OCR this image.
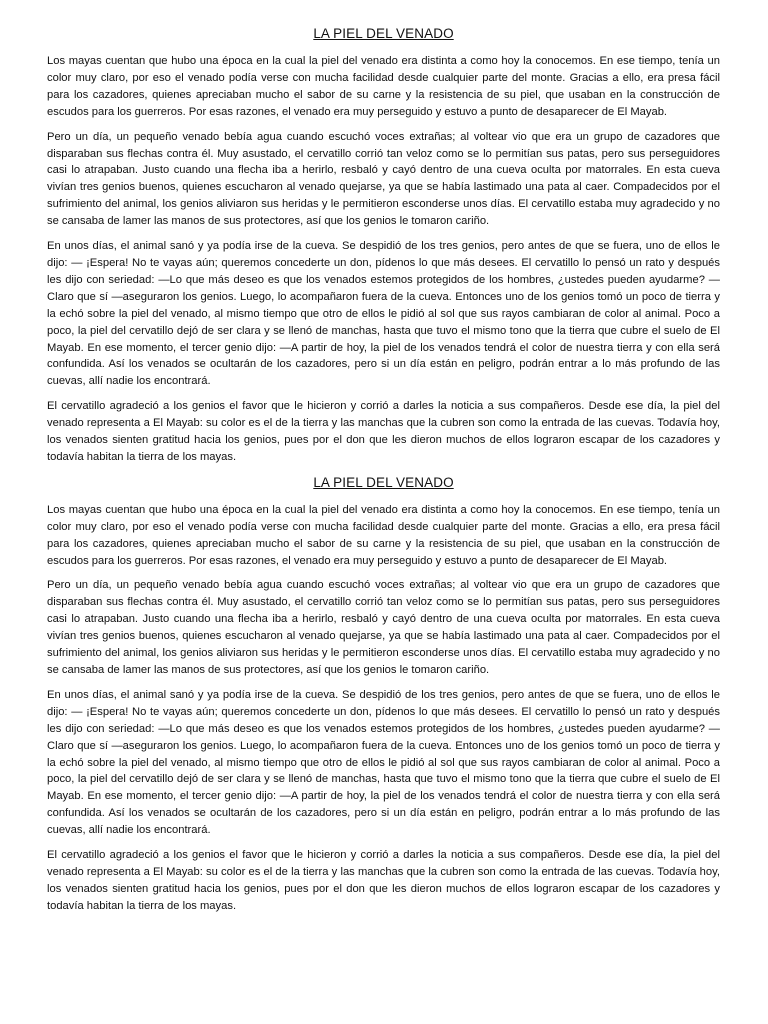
LA PIEL DEL VENADO

Los mayas cuentan que hubo una época en la cual la piel del venado era distinta a como hoy la conocemos. En ese tiempo, tenía un color muy claro, por eso el venado podía verse con mucha facilidad desde cualquier parte del monte. Gracias a ello, era presa fácil para los cazadores, quienes apreciaban mucho el sabor de su carne y la resistencia de su piel, que usaban en la construcción de escudos para los guerreros. Por esas razones, el venado era muy perseguido y estuvo a punto de desaparecer de El Mayab.

Pero un día, un pequeño venado bebía agua cuando escuchó voces extrañas; al voltear vio que era un grupo de cazadores que disparaban sus flechas contra él. Muy asustado, el cervatillo corrió tan veloz como se lo permitían sus patas, pero sus perseguidores casi lo atrapaban. Justo cuando una flecha iba a herirlo, resbaló y cayó dentro de una cueva oculta por matorrales. En esta cueva vivían tres genios buenos, quienes escucharon al venado quejarse, ya que se había lastimado una pata al caer. Compadecidos por el sufrimiento del animal, los genios aliviaron sus heridas y le permitieron esconderse unos días. El cervatillo estaba muy agradecido y no se cansaba de lamer las manos de sus protectores, así que los genios le tomaron cariño.

En unos días, el animal sanó y ya podía irse de la cueva. Se despidió de los tres genios, pero antes de que se fuera, uno de ellos le dijo: — ¡Espera! No te vayas aún; queremos concederte un don, pídenos lo que más desees. El cervatillo lo pensó un rato y después les dijo con seriedad: —Lo que más deseo es que los venados estemos protegidos de los hombres, ¿ustedes pueden ayudarme? —Claro que sí —aseguraron los genios. Luego, lo acompañaron fuera de la cueva. Entonces uno de los genios tomó un poco de tierra y la echó sobre la piel del venado, al mismo tiempo que otro de ellos le pidió al sol que sus rayos cambiaran de color al animal. Poco a poco, la piel del cervatillo dejó de ser clara y se llenó de manchas, hasta que tuvo el mismo tono que la tierra que cubre el suelo de El Mayab. En ese momento, el tercer genio dijo: —A partir de hoy, la piel de los venados tendrá el color de nuestra tierra y con ella será confundida. Así los venados se ocultarán de los cazadores, pero si un día están en peligro, podrán entrar a lo más profundo de las cuevas, allí nadie los encontrará.

El cervatillo agradeció a los genios el favor que le hicieron y corrió a darles la noticia a sus compañeros. Desde ese día, la piel del venado representa a El Mayab: su color es el de la tierra y las manchas que la cubren son como la entrada de las cuevas. Todavía hoy, los venados sienten gratitud hacia los genios, pues por el don que les dieron muchos de ellos lograron escapar de los cazadores y todavía habitan la tierra de los mayas.

LA PIEL DEL VENADO

Los mayas cuentan que hubo una época en la cual la piel del venado era distinta a como hoy la conocemos. En ese tiempo, tenía un color muy claro, por eso el venado podía verse con mucha facilidad desde cualquier parte del monte. Gracias a ello, era presa fácil para los cazadores, quienes apreciaban mucho el sabor de su carne y la resistencia de su piel, que usaban en la construcción de escudos para los guerreros. Por esas razones, el venado era muy perseguido y estuvo a punto de desaparecer de El Mayab.

Pero un día, un pequeño venado bebía agua cuando escuchó voces extrañas; al voltear vio que era un grupo de cazadores que disparaban sus flechas contra él. Muy asustado, el cervatillo corrió tan veloz como se lo permitían sus patas, pero sus perseguidores casi lo atrapaban. Justo cuando una flecha iba a herirlo, resbaló y cayó dentro de una cueva oculta por matorrales. En esta cueva vivían tres genios buenos, quienes escucharon al venado quejarse, ya que se había lastimado una pata al caer. Compadecidos por el sufrimiento del animal, los genios aliviaron sus heridas y le permitieron esconderse unos días. El cervatillo estaba muy agradecido y no se cansaba de lamer las manos de sus protectores, así que los genios le tomaron cariño.

En unos días, el animal sanó y ya podía irse de la cueva. Se despidió de los tres genios, pero antes de que se fuera, uno de ellos le dijo: — ¡Espera! No te vayas aún; queremos concederte un don, pídenos lo que más desees. El cervatillo lo pensó un rato y después les dijo con seriedad: —Lo que más deseo es que los venados estemos protegidos de los hombres, ¿ustedes pueden ayudarme? —Claro que sí —aseguraron los genios. Luego, lo acompañaron fuera de la cueva. Entonces uno de los genios tomó un poco de tierra y la echó sobre la piel del venado, al mismo tiempo que otro de ellos le pidió al sol que sus rayos cambiaran de color al animal. Poco a poco, la piel del cervatillo dejó de ser clara y se llenó de manchas, hasta que tuvo el mismo tono que la tierra que cubre el suelo de El Mayab. En ese momento, el tercer genio dijo: —A partir de hoy, la piel de los venados tendrá el color de nuestra tierra y con ella será confundida. Así los venados se ocultarán de los cazadores, pero si un día están en peligro, podrán entrar a lo más profundo de las cuevas, allí nadie los encontrará.

El cervatillo agradeció a los genios el favor que le hicieron y corrió a darles la noticia a sus compañeros. Desde ese día, la piel del venado representa a El Mayab: su color es el de la tierra y las manchas que la cubren son como la entrada de las cuevas. Todavía hoy, los venados sienten gratitud hacia los genios, pues por el don que les dieron muchos de ellos lograron escapar de los cazadores y todavía habitan la tierra de los mayas.
